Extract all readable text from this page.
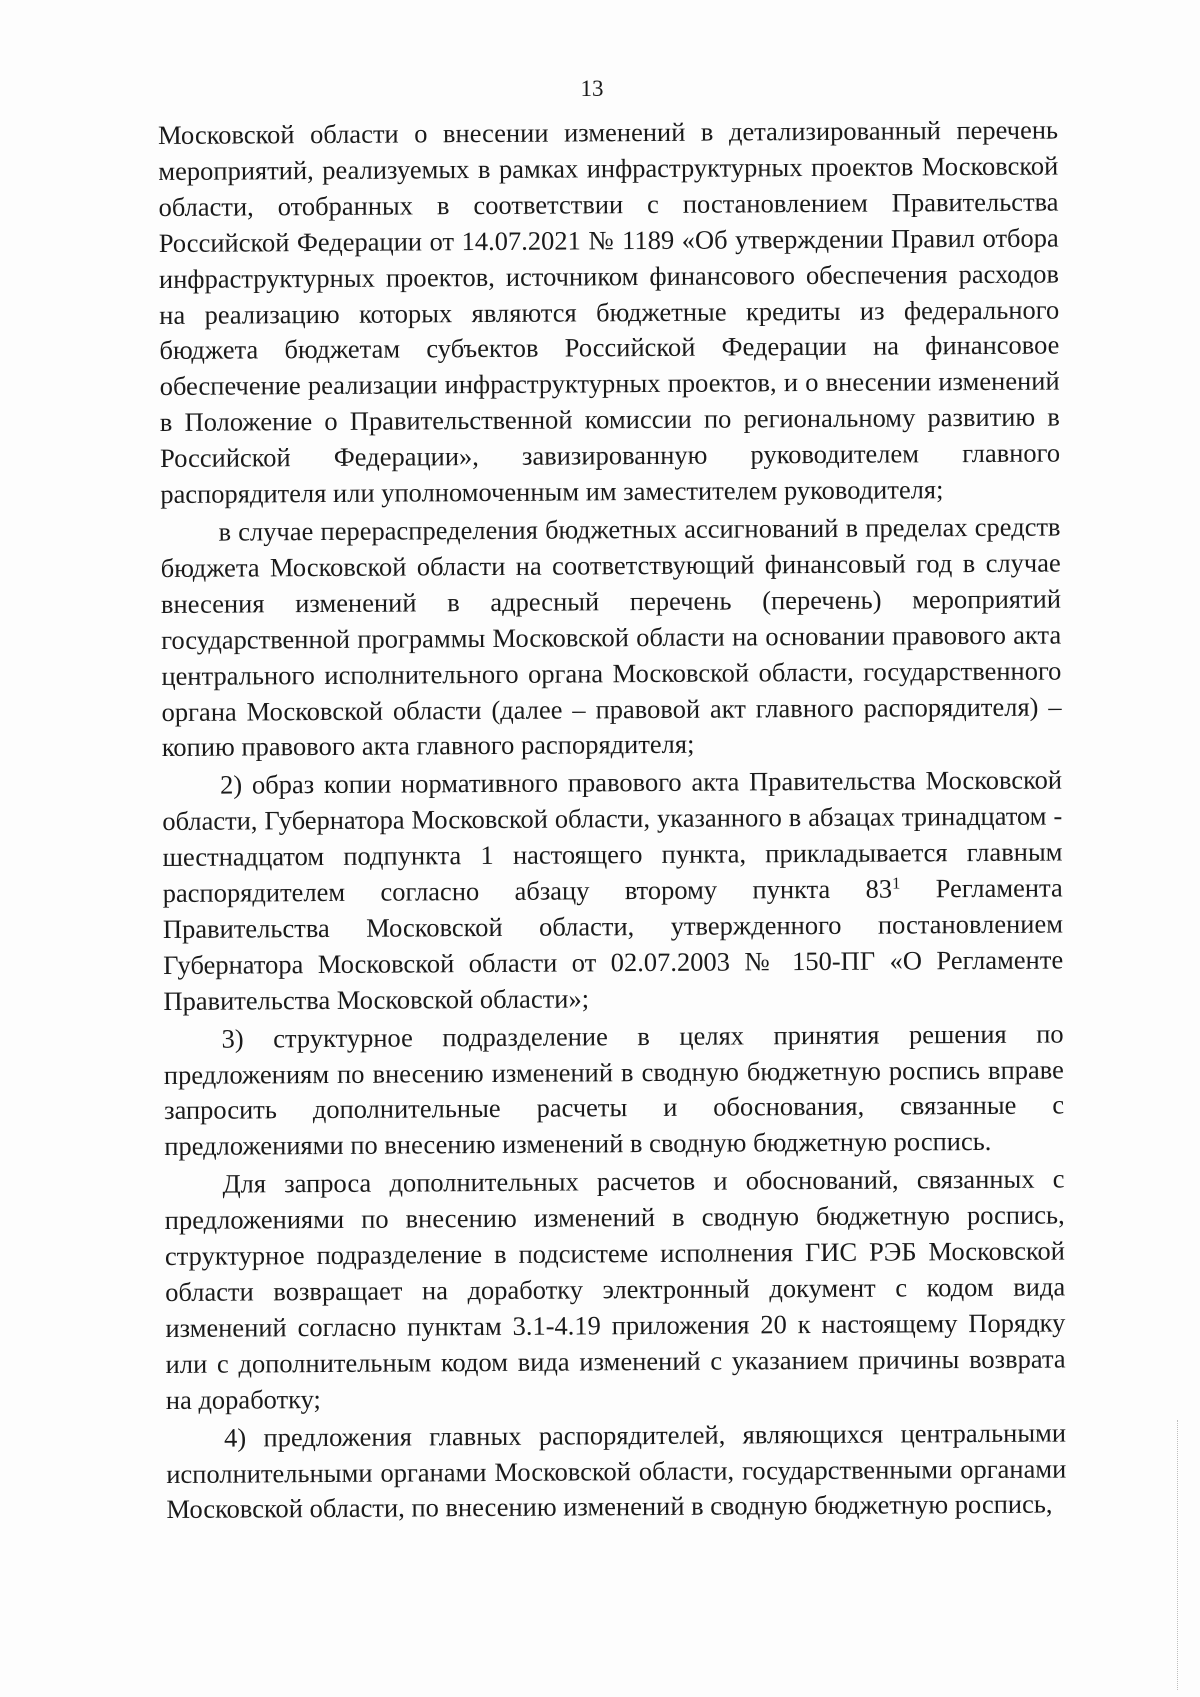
13

Московской области о внесении изменений в детализированный перечень мероприятий, реализуемых в рамках инфраструктурных проектов Московской области, отобранных в соответствии с постановлением Правительства Российской Федерации от 14.07.2021 № 1189 «Об утверждении Правил отбора инфраструктурных проектов, источником финансового обеспечения расходов на реализацию которых являются бюджетные кредиты из федерального бюджета бюджетам субъектов Российской Федерации на финансовое обеспечение реализации инфраструктурных проектов, и о внесении изменений в Положение о Правительственной комиссии по региональному развитию в Российской Федерации», завизированную руководителем главного распорядителя или уполномоченным им заместителем руководителя;

в случае перераспределения бюджетных ассигнований в пределах средств бюджета Московской области на соответствующий финансовый год в случае внесения изменений в адресный перечень (перечень) мероприятий государственной программы Московской области на основании правового акта центрального исполнительного органа Московской области, государственного органа Московской области (далее – правовой акт главного распорядителя) – копию правового акта главного распорядителя;

2) образ копии нормативного правового акта Правительства Московской области, Губернатора Московской области, указанного в абзацах тринадцатом - шестнадцатом подпункта 1 настоящего пункта, прикладывается главным распорядителем согласно абзацу второму пункта $83^1$ Регламента Правительства Московской области, утвержденного постановлением Губернатора Московской области от 02.07.2003 № 150-ПГ «О Регламенте Правительства Московской области»;

3) структурное подразделение в целях принятия решения по предложениям по внесению изменений в сводную бюджетную роспись вправе запросить дополнительные расчеты и обоснования, связанные с предложениями по внесению изменений в сводную бюджетную роспись.

Для запроса дополнительных расчетов и обоснований, связанных с предложениями по внесению изменений в сводную бюджетную роспись, структурное подразделение в подсистеме исполнения ГИС РЭБ Московской области возвращает на доработку электронный документ с кодом вида изменений согласно пунктам 3.1-4.19 приложения 20 к настоящему Порядку или с дополнительным кодом вида изменений с указанием причины возврата на доработку;

4) предложения главных распорядителей, являющихся центральными исполнительными органами Московской области, государственными органами Московской области, по внесению изменений в сводную бюджетную роспись,
